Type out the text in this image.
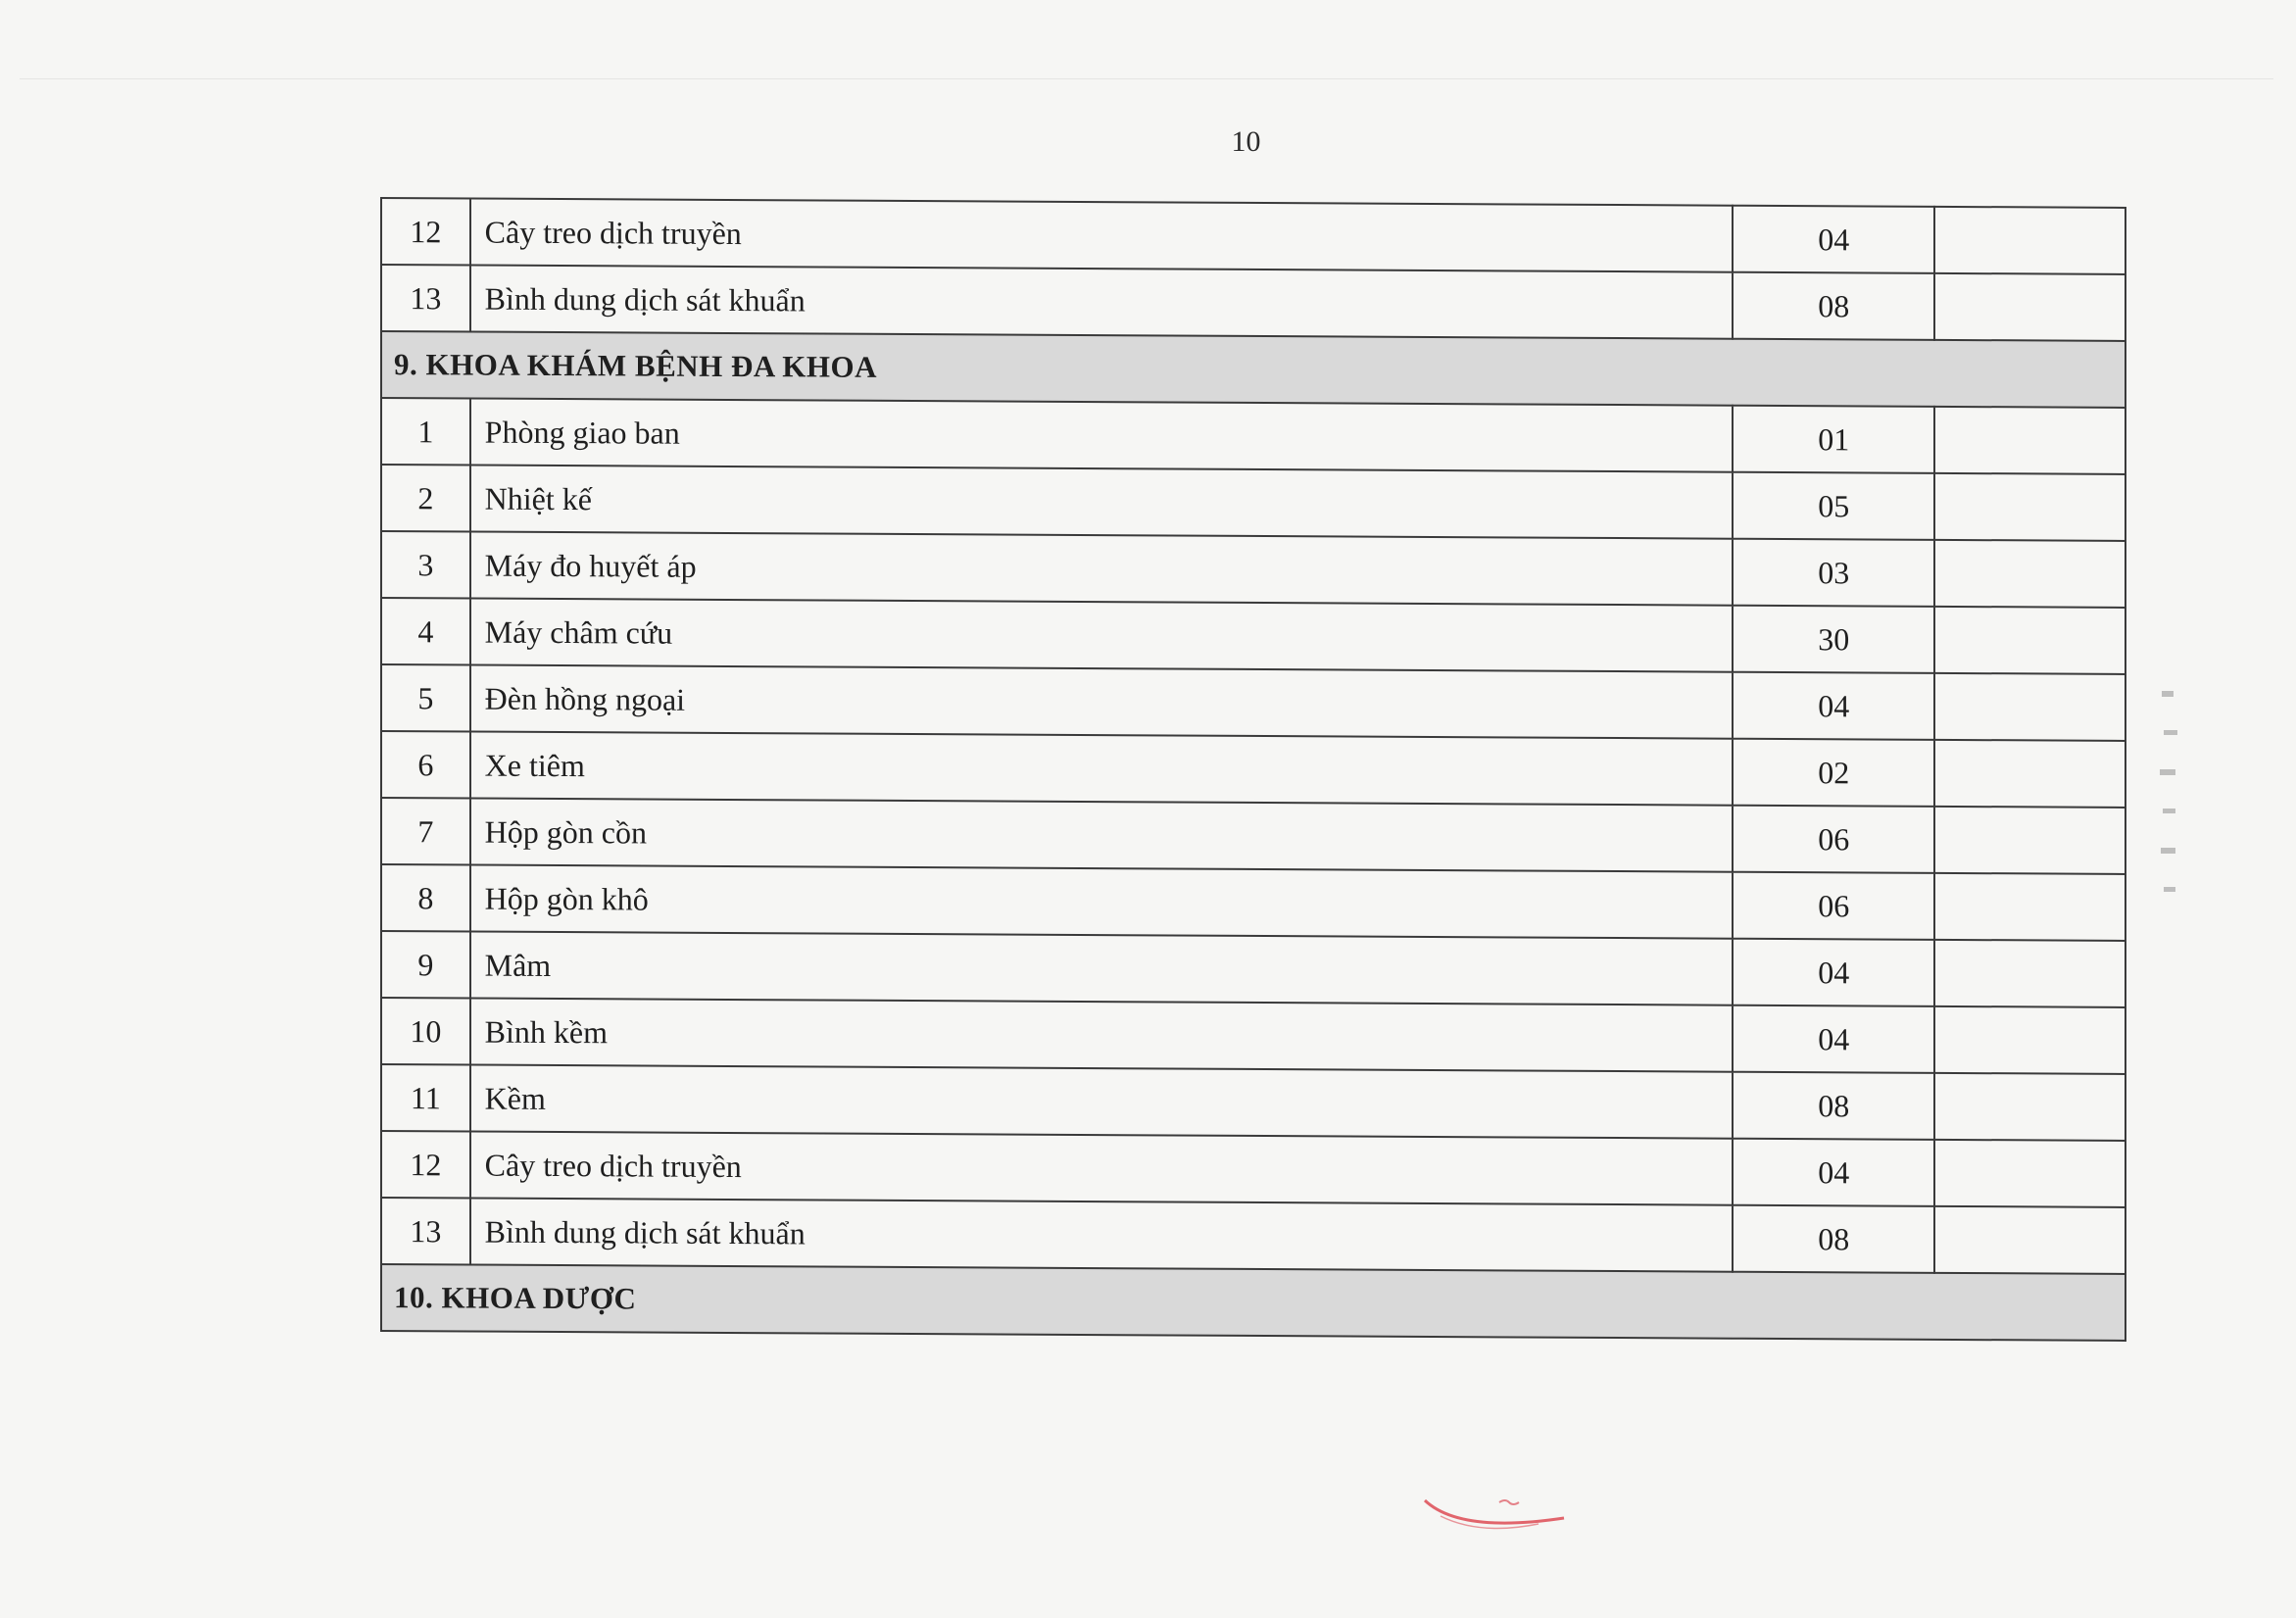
10
12	Cây treo dịch truyền	04	
13	Bình dung dịch sát khuẩn	08	
9. KHOA KHÁM BỆNH ĐA KHOA			
1	Phòng giao ban	01	
2	Nhiệt kế	05	
3	Máy đo huyết áp	03	
4	Máy châm cứu	30	
5	Đèn hồng ngoại	04	
6	Xe tiêm	02	
7	Hộp gòn cồn	06	
8	Hộp gòn khô	06	
9	Mâm	04	
10	Bình kềm	04	
11	Kềm	08	
12	Cây treo dịch truyền	04	
13	Bình dung dịch sát khuẩn	08	
10. KHOA DƯỢC			
